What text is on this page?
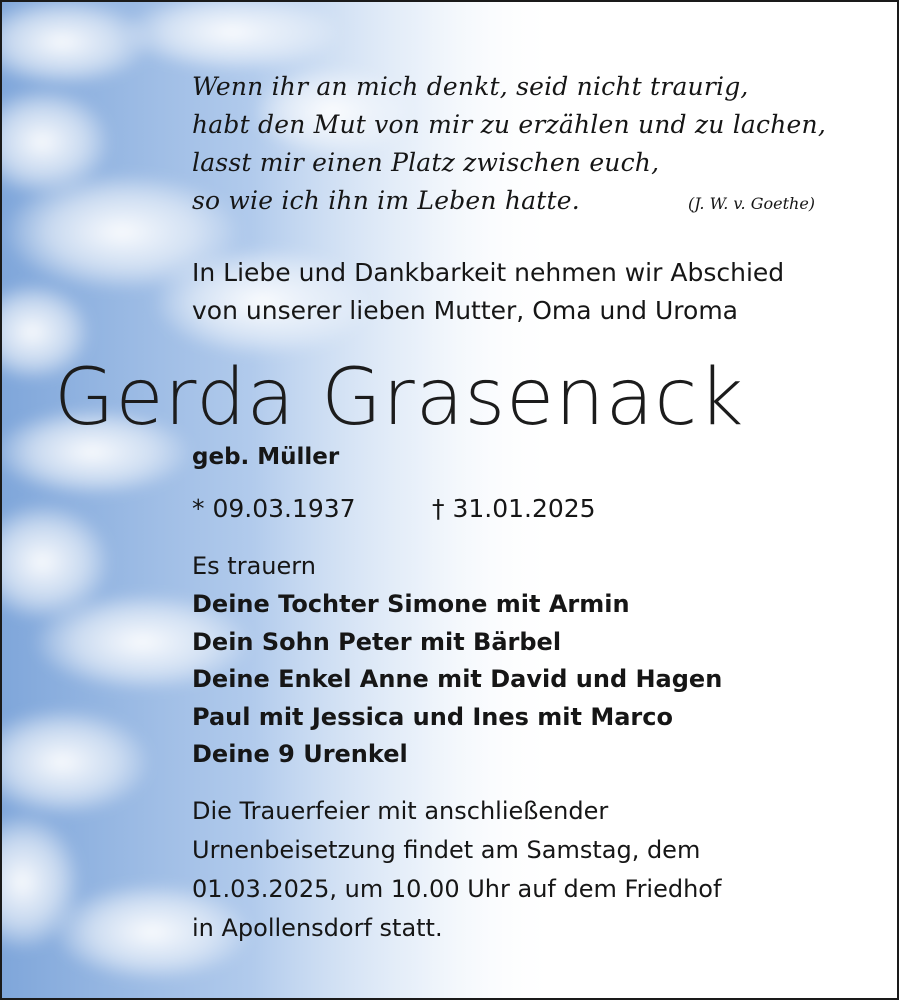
Wenn ihr an mich denkt, seid nicht traurig,
habt den Mut von mir zu erzählen und zu lachen,
lasst mir einen Platz zwischen euch,
so wie ich ihn im Leben hatte.	(J. W. v. Goethe)
In Liebe und Dankbarkeit nehmen wir Abschied
von unserer lieben Mutter, Oma und Uroma
Gerda Grasenack
geb. Müller
* 09.03.1937	† 31.01.2025
Es trauern
Deine Tochter Simone mit Armin
Dein Sohn Peter mit Bärbel
Deine Enkel Anne mit David und Hagen
Paul mit Jessica und Ines mit Marco
Deine 9 Urenkel
Die Trauerfeier mit anschließender
Urnenbeisetzung findet am Samstag, dem
01.03.2025, um 10.00 Uhr auf dem Friedhof
in Apollensdorf statt.
